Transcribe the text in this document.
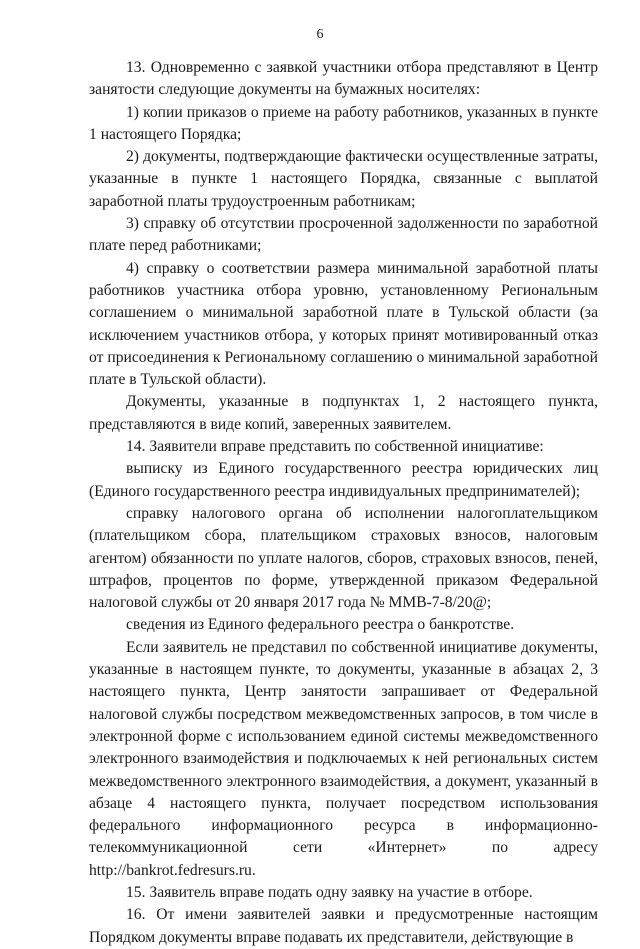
6

13. Одновременно с заявкой участники отбора представляют в Центр занятости следующие документы на бумажных носителях:

1) копии приказов о приеме на работу работников, указанных в пункте 1 настоящего Порядка;

2) документы, подтверждающие фактически осуществленные затраты, указанные в пункте 1 настоящего Порядка, связанные с выплатой заработной платы трудоустроенным работникам;

3) справку об отсутствии просроченной задолженности по заработной плате перед работниками;

4) справку о соответствии размера минимальной заработной платы работников участника отбора уровню, установленному Региональным соглашением о минимальной заработной плате в Тульской области (за исключением участников отбора, у которых принят мотивированный отказ от присоединения к Региональному соглашению о минимальной заработной плате в Тульской области).

Документы, указанные в подпунктах 1, 2 настоящего пункта, представляются в виде копий, заверенных заявителем.

14. Заявители вправе представить по собственной инициативе:

выписку из Единого государственного реестра юридических лиц (Единого государственного реестра индивидуальных предпринимателей);

справку налогового органа об исполнении налогоплательщиком (плательщиком сбора, плательщиком страховых взносов, налоговым агентом) обязанности по уплате налогов, сборов, страховых взносов, пеней, штрафов, процентов по форме, утвержденной приказом Федеральной налоговой службы от 20 января 2017 года № ММВ-7-8/20@;

сведения из Единого федерального реестра о банкротстве.

Если заявитель не представил по собственной инициативе документы, указанные в настоящем пункте, то документы, указанные в абзацах 2, 3 настоящего пункта, Центр занятости запрашивает от Федеральной налоговой службы посредством межведомственных запросов, в том числе в электронной форме с использованием единой системы межведомственного электронного взаимодействия и подключаемых к ней региональных систем межведомственного электронного взаимодействия, а документ, указанный в абзаце 4 настоящего пункта, получает посредством использования федерального информационного ресурса в информационно-телекоммуникационной сети «Интернет» по адресу http://bankrot.fedresurs.ru.

15. Заявитель вправе подать одну заявку на участие в отборе.

16. От имени заявителей заявки и предусмотренные настоящим Порядком документы вправе подавать их представители, действующие в
